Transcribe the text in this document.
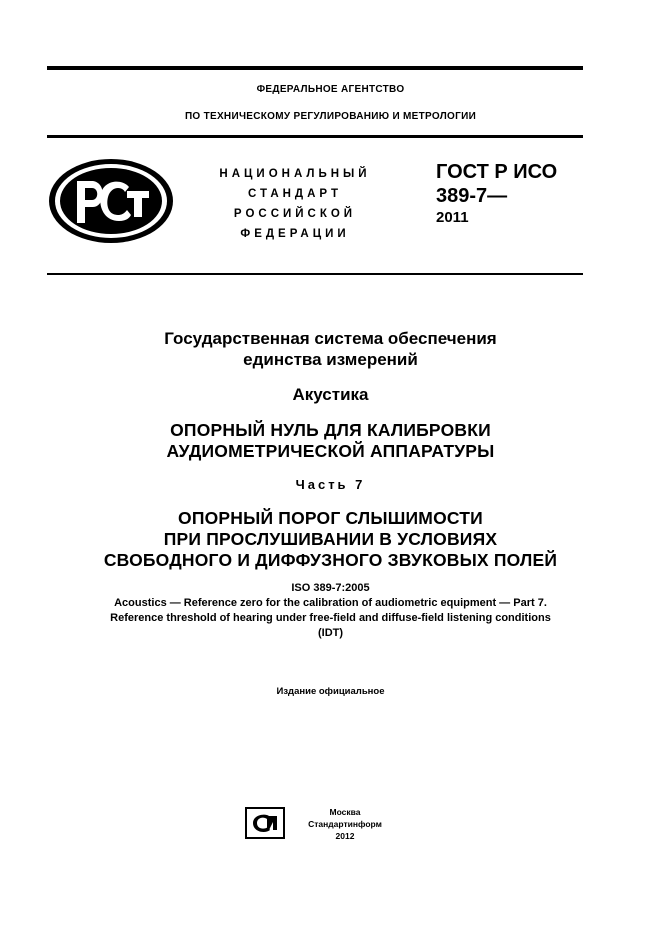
ФЕДЕРАЛЬНОЕ АГЕНТСТВО
ПО ТЕХНИЧЕСКОМУ РЕГУЛИРОВАНИЮ И МЕТРОЛОГИИ
НАЦИОНАЛЬНЫЙ
СТАНДАРТ
РОССИЙСКОЙ
ФЕДЕРАЦИИ
ГОСТ Р ИСО
389-7—
2011
Государственная система обеспечения
единства измерений
Акустика
ОПОРНЫЙ НУЛЬ ДЛЯ КАЛИБРОВКИ
АУДИОМЕТРИЧЕСКОЙ АППАРАТУРЫ
Часть 7
ОПОРНЫЙ ПОРОГ СЛЫШИМОСТИ
ПРИ ПРОСЛУШИВАНИИ В УСЛОВИЯХ
СВОБОДНОГО И ДИФФУЗНОГО ЗВУКОВЫХ ПОЛЕЙ
ISO 389-7:2005
Acoustics — Reference zero for the calibration of audiometric equipment — Part 7.
Reference threshold of hearing under free-field and diffuse-field listening conditions
(IDT)
Издание официальное
Москва
Стандартинформ
2012
